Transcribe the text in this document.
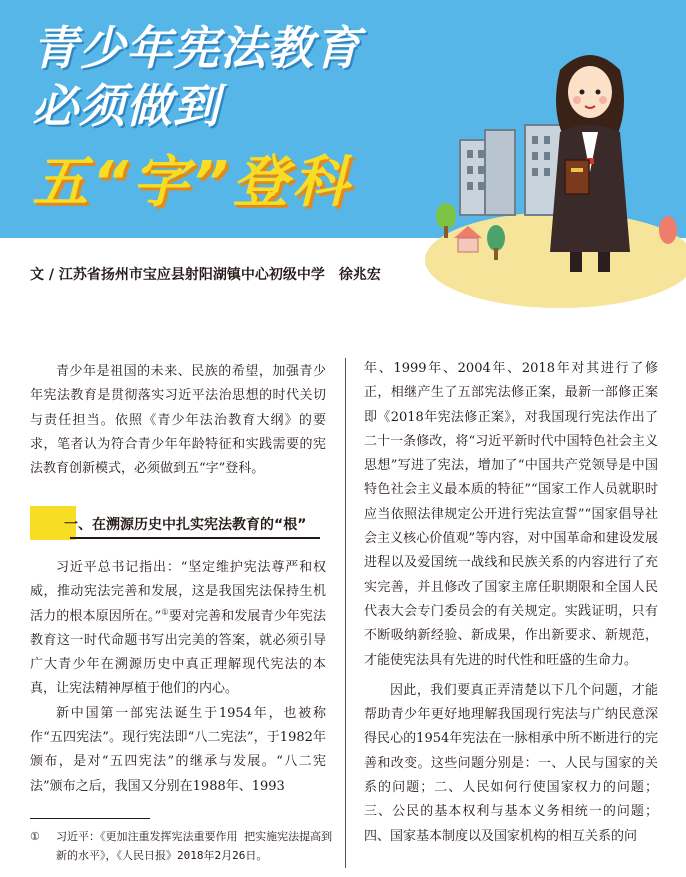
青少年宪法教育
必须做到
五“字”登科
文 / 江苏省扬州市宝应县射阳湖镇中心初级中学　徐兆宏

青少年是祖国的未来、民族的希望，加强青少年宪法教育是贯彻落实习近平法治思想的时代关切与责任担当。依照《青少年法治教育大纲》的要求，笔者认为符合青少年年龄特征和实践需要的宪法教育创新模式，必须做到五“字”登科。

一、在溯源历史中扎实宪法教育的“根”

习近平总书记指出：“坚定维护宪法尊严和权威，推动宪法完善和发展，这是我国宪法保持生机活力的根本原因所在。”①要对完善和发展青少年宪法教育这一时代命题书写出完美的答案，就必须引导广大青少年在溯源历史中真正理解现代宪法的本真，让宪法精神厚植于他们的内心。

新中国第一部宪法诞生于1954年，也被称作“五四宪法”。现行宪法即“八二宪法”，于1982年颁布，是对“五四宪法”的继承与发展。“八二宪法”颁布之后，我国又分别在1988年、1993

年、1999年、2004年、2018年对其进行了修正，相继产生了五部宪法修正案，最新一部修正案即《2018年宪法修正案》，对我国现行宪法作出了二十一条修改，将“习近平新时代中国特色社会主义思想”写进了宪法，增加了“中国共产党领导是中国特色社会主义最本质的特征”“国家工作人员就职时应当依照法律规定公开进行宪法宣誓”“国家倡导社会主义核心价值观”等内容，对中国革命和建设发展进程以及爱国统一战线和民族关系的内容进行了充实完善，并且修改了国家主席任职期限和全国人民代表大会专门委员会的有关规定。实践证明，只有不断吸纳新经验、新成果，作出新要求、新规范，才能使宪法具有先进的时代性和旺盛的生命力。

因此，我们要真正弄清楚以下几个问题，才能帮助青少年更好地理解我国现行宪法与广纳民意深得民心的1954年宪法在一脉相承中所不断进行的完善和改变。这些问题分别是：一、人民与国家的关系的问题；二、人民如何行使国家权力的问题；三、公民的基本权利与基本义务相统一的问题；四、国家基本制度以及国家机构的相互关系的问

① 习近平：《更加注重发挥宪法重要作用 把实施宪法提高到新的水平》，《人民日报》2018年2月26日。
